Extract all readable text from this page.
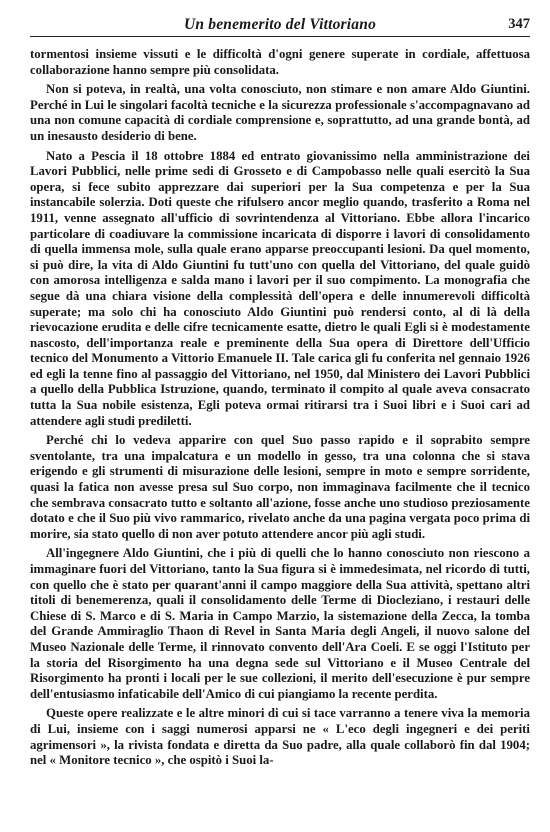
Un benemerito del Vittoriano	347

tormentosi insieme vissuti e le difficoltà d'ogni genere superate in cordiale, affettuosa collaborazione hanno sempre più consolidata.

Non si poteva, in realtà, una volta conosciuto, non stimare e non amare Aldo Giuntini. Perché in Lui le singolari facoltà tecniche e la sicurezza professionale s'accompagnavano ad una non comune capacità di cordiale comprensione e, soprattutto, ad una grande bontà, ad un inesausto desiderio di bene.

Nato a Pescia il 18 ottobre 1884 ed entrato giovanissimo nella amministrazione dei Lavori Pubblici, nelle prime sedi di Grosseto e di Campobasso nelle quali esercitò la Sua opera, si fece subito apprezzare dai superiori per la Sua competenza e per la Sua instancabile solerzia. Doti queste che rifulsero ancor meglio quando, trasferito a Roma nel 1911, venne assegnato all'ufficio di sovrintendenza al Vittoriano. Ebbe allora l'incarico particolare di coadiuvare la commissione incaricata di disporre i lavori di consolidamento di quella immensa mole, sulla quale erano apparse preoccupanti lesioni. Da quel momento, si può dire, la vita di Aldo Giuntini fu tutt'uno con quella del Vittoriano, del quale guidò con amorosa intelligenza e salda mano i lavori per il suo compimento. La monografia che segue dà una chiara visione della complessità dell'opera e delle innumerevoli difficoltà superate; ma solo chi ha conosciuto Aldo Giuntini può rendersi conto, al di là della rievocazione erudita e delle cifre tecnicamente esatte, dietro le quali Egli si è modestamente nascosto, dell'importanza reale e preminente della Sua opera di Direttore dell'Ufficio tecnico del Monumento a Vittorio Emanuele II. Tale carica gli fu conferita nel gennaio 1926 ed egli la tenne fino al passaggio del Vittoriano, nel 1950, dal Ministero dei Lavori Pubblici a quello della Pubblica Istruzione, quando, terminato il compito al quale aveva consacrato tutta la Sua nobile esistenza, Egli poteva ormai ritirarsi tra i Suoi libri e i Suoi cari ad attendere agli studi prediletti.

Perché chi lo vedeva apparire con quel Suo passo rapido e il soprabito sempre sventolante, tra una impalcatura e un modello in gesso, tra una colonna che si stava erigendo e gli strumenti di misurazione delle lesioni, sempre in moto e sempre sorridente, quasi la fatica non avesse presa sul Suo corpo, non immaginava facilmente che il tecnico che sembrava consacrato tutto e soltanto all'azione, fosse anche uno studioso preziosamente dotato e che il Suo più vivo rammarico, rivelato anche da una pagina vergata poco prima di morire, sia stato quello di non aver potuto attendere ancor più agli studi.

All'ingegnere Aldo Giuntini, che i più di quelli che lo hanno conosciuto non riescono a immaginare fuori del Vittoriano, tanto la Sua figura si è immedesimata, nel ricordo di tutti, con quello che è stato per quarant'anni il campo maggiore della Sua attività, spettano altri titoli di benemerenza, quali il consolidamento delle Terme di Diocleziano, i restauri delle Chiese di S. Marco e di S. Maria in Campo Marzio, la sistemazione della Zecca, la tomba del Grande Ammiraglio Thaon di Revel in Santa Maria degli Angeli, il nuovo salone del Museo Nazionale delle Terme, il rinnovato convento dell'Ara Coeli. E se oggi l'Istituto per la storia del Risorgimento ha una degna sede sul Vittoriano e il Museo Centrale del Risorgimento ha pronti i locali per le sue collezioni, il merito dell'esecuzione è pur sempre dell'entusiasmo infaticabile dell'Amico di cui piangiamo la recente perdita.

Queste opere realizzate e le altre minori di cui si tace varranno a tenere viva la memoria di Lui, insieme con i saggi numerosi apparsi ne « L'eco degli ingegneri e dei periti agrimensori », la rivista fondata e diretta da Suo padre, alla quale collaborò fin dal 1904; nel « Monitore tecnico », che ospitò i Suoi la-
